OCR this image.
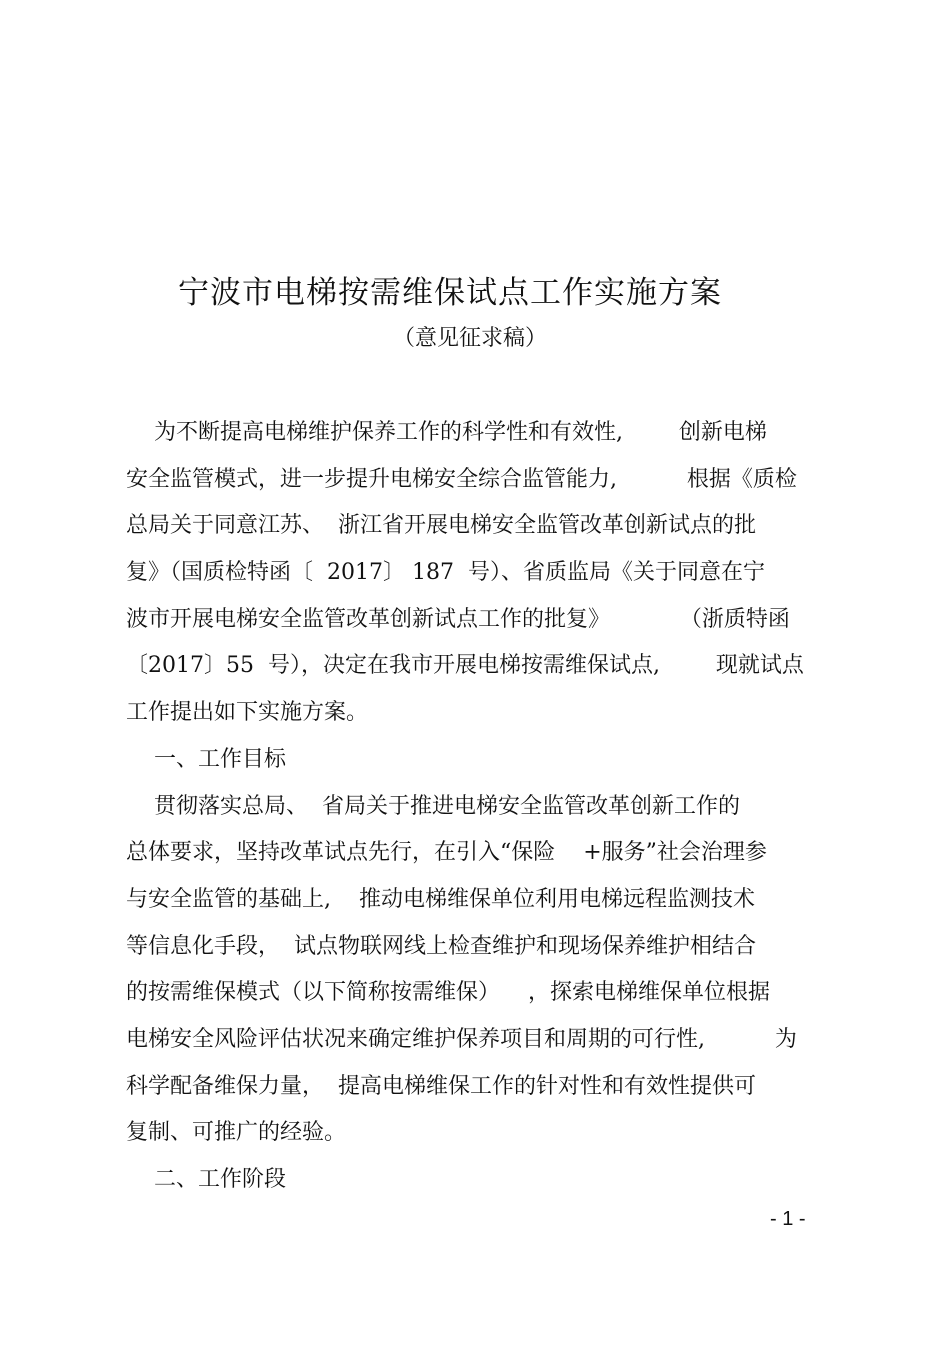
宁波市电梯按需维保试点工作实施方案
（意见征求稿）
为不断提高电梯维护保养工作的科学性和有效性,        创新电梯
安全监管模式，进一步提升电梯安全综合监管能力,          根据《质检
总局关于同意江苏、  浙江省开展电梯安全监管改革创新试点的批
复》（国质检特函〔  2017〕 187  号）、省质监局《关于同意在宁
波市开展电梯安全监管改革创新试点工作的批复》          （浙质特函
〔2017〕55  号），决定在我市开展电梯按需维保试点,        现就试点
工作提出如下实施方案。
一、工作目标
贯彻落实总局、  省局关于推进电梯安全监管改革创新工作的
总体要求，坚持改革试点先行，在引入“保险    +服务”社会治理参
与安全监管的基础上,    推动电梯维保单位利用电梯远程监测技术
等信息化手段，  试点物联网线上检查维护和现场保养维护相结合
的按需维保模式（以下简称按需维保）    ，探索电梯维保单位根据
电梯安全风险评估状况来确定维护保养项目和周期的可行性,          为
科学配备维保力量，  提高电梯维保工作的针对性和有效性提供可
复制、可推广的经验。
二、工作阶段
- 1 -
